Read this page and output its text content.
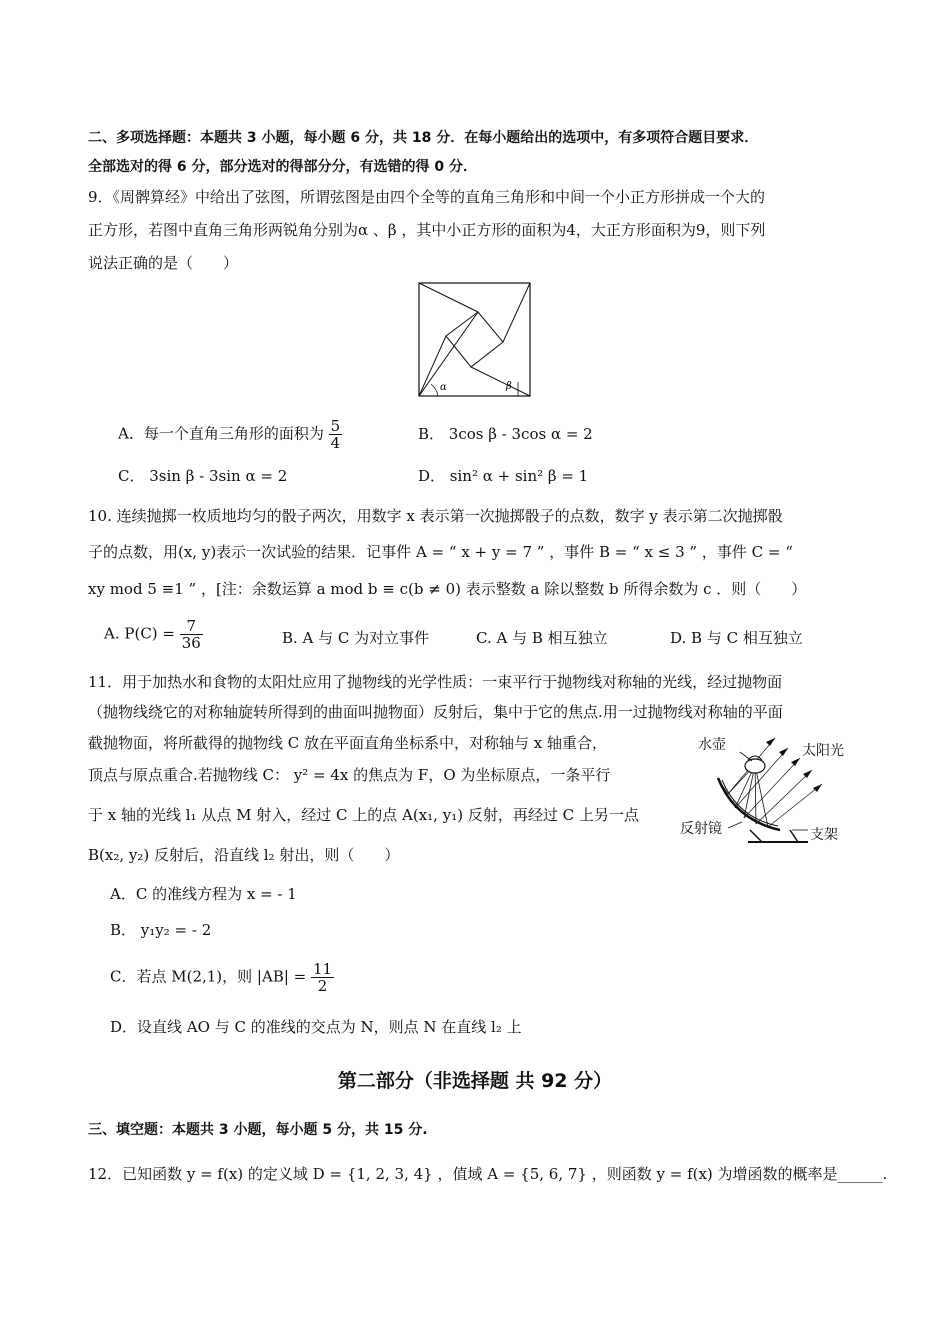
二、多项选择题：本题共 3 小题，每小题 6 分，共 18 分．在每小题给出的选项中，有多项符合题目要求．
全部选对的得 6 分，部分选对的得部分分，有选错的得 0 分．
9．《周髀算经》中给出了弦图，所谓弦图是由四个全等的直角三角形和中间一个小正方形拼成一个大的
正方形，若图中直角三角形两锐角分别为α 、β ，其中小正方形的面积为4，大正方形面积为9，则下列
说法正确的是（　　）
α	β
A．每一个直角三角形的面积为 $\frac{5}{4}$	B． 3cos β - 3cos α = 2
C． 3sin β - 3sin α = 2	D． sin² α + sin² β = 1
10. 连续抛掷一枚质地均匀的骰子两次，用数字 x 表示第一次抛掷骰子的点数，数字 y 表示第二次抛掷骰
子的点数，用(x, y)表示一次试验的结果．记事件 A = “ x + y = 7 ” ，事件 B = “ x ≤ 3 ” ，事件 C = “
xy mod 5 ≡1 ” ，[注：余数运算 a mod b ≡ c(b ≠ 0) 表示整数 a 除以整数 b 所得余数为 c ．则（　　）
A. $P(C) = \frac{7}{36}$	B. A 与 C 为对立事件	C. A 与 B 相互独立	D. B 与 C 相互独立
11．用于加热水和食物的太阳灶应用了抛物线的光学性质：一束平行于抛物线对称轴的光线，经过抛物面
（抛物线绕它的对称轴旋转所得到的曲面叫抛物面）反射后，集中于它的焦点.用一过抛物线对称轴的平面
截抛物面，将所截得的抛物线 C 放在平面直角坐标系中，对称轴与 x 轴重合，
顶点与原点重合.若抛物线 C： y² = 4x 的焦点为 F，O 为坐标原点，一条平行
于 x 轴的光线 l₁ 从点 M 射入，经过 C 上的点 A(x₁, y₁) 反射，再经过 C 上另一点
B(x₂, y₂) 反射后，沿直线 l₂ 射出，则（　　）
水壶	太阳光
反射镜	支架
A．C 的准线方程为 x = - 1
B． y₁y₂ = - 2
C．若点 M(2,1)，则 $|AB| = \frac{11}{2}$
D．设直线 AO 与 C 的准线的交点为 N，则点 N 在直线 l₂ 上
第二部分（非选择题 共 92 分）
三、填空题：本题共 3 小题，每小题 5 分，共 15 分.
12．已知函数 y = f(x) 的定义域 D = {1, 2, 3, 4} ，值域 A = {5, 6, 7} ，则函数 y = f(x) 为增函数的概率是______.
